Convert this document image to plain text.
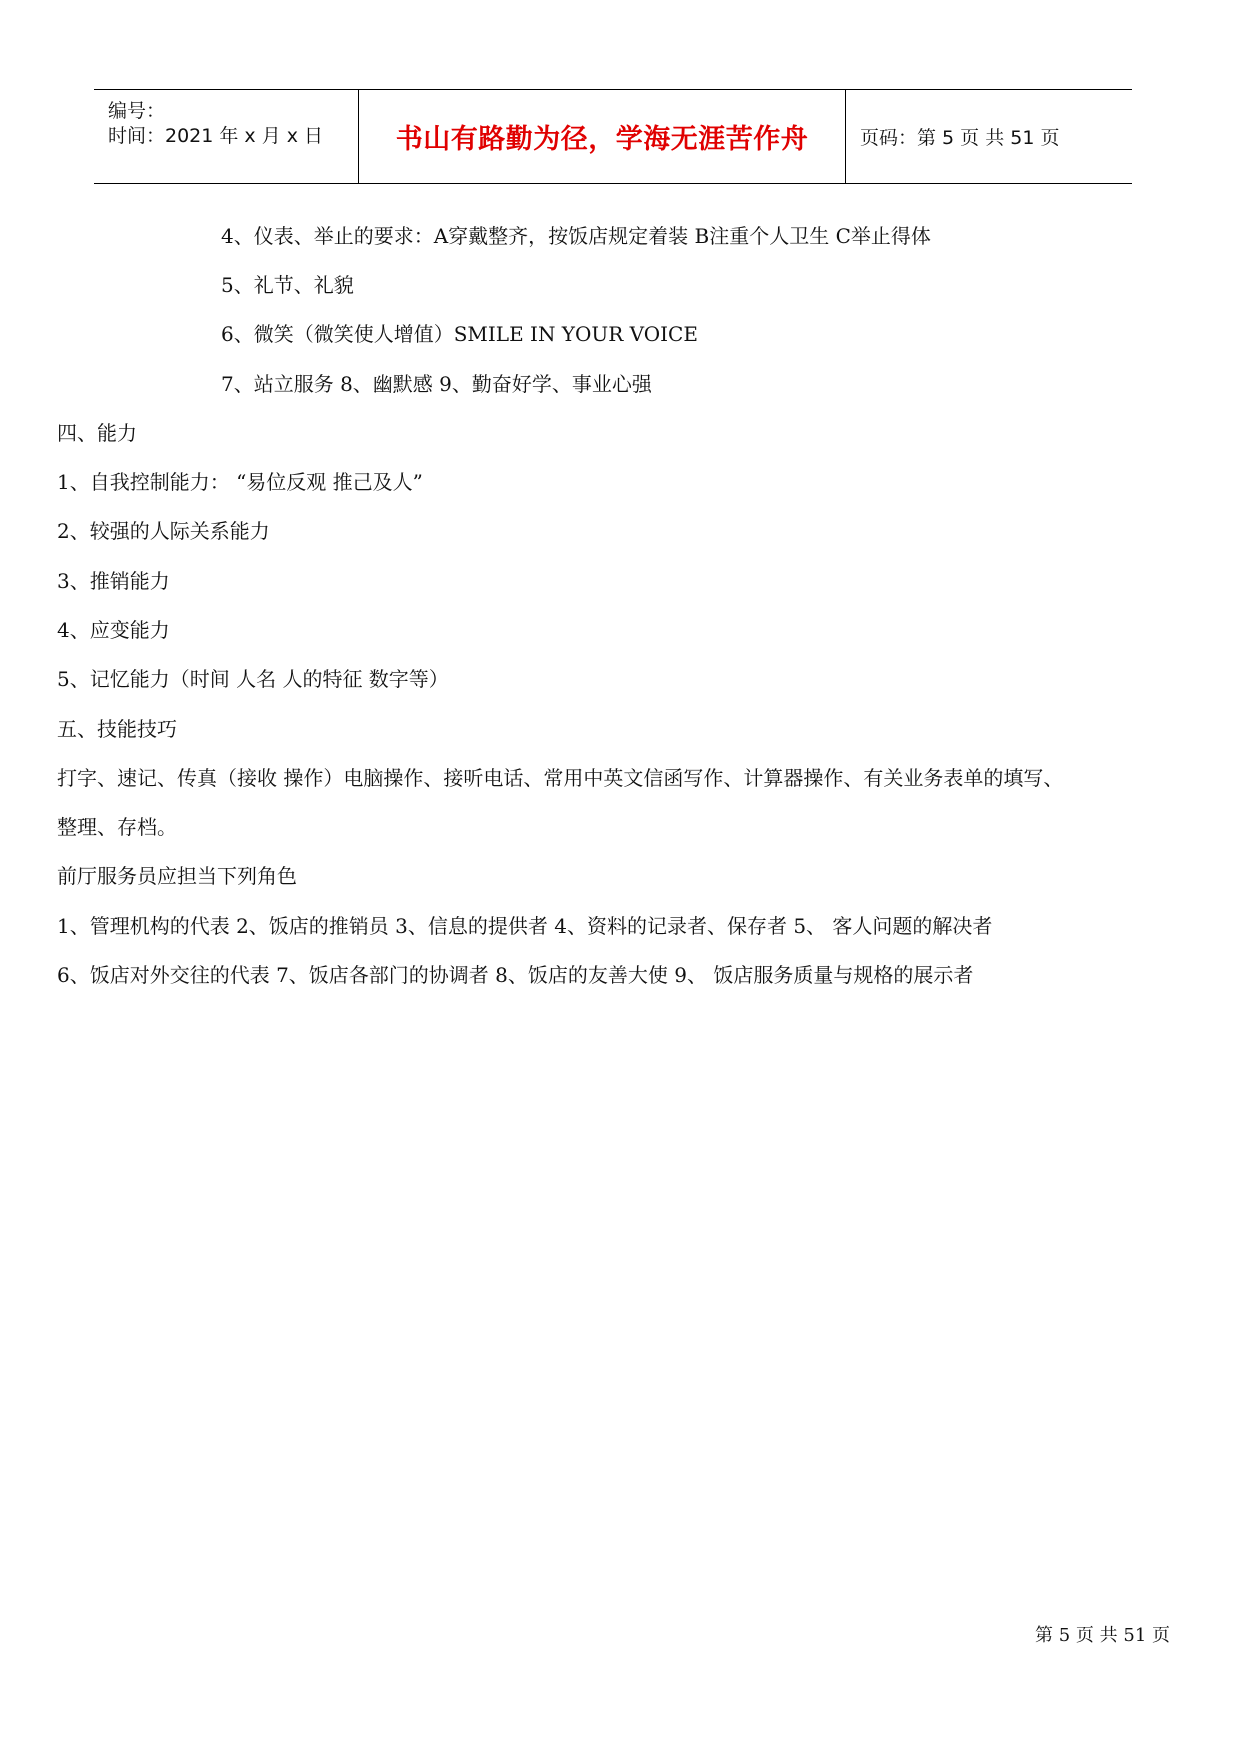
编号：
时间：2021 年 x 月 x 日	书山有路勤为径，学海无涯苦作舟	页码：第 5 页 共 51 页
4、仪表、举止的要求：A穿戴整齐，按饭店规定着装 B注重个人卫生 C举止得体
5、礼节、礼貌
6、微笑（微笑使人增值）SMILE IN YOUR VOICE
7、站立服务 8、幽默感 9、勤奋好学、事业心强
四、能力
1、自我控制能力： “易位反观 推己及人”
2、较强的人际关系能力
3、推销能力
4、应变能力
5、记忆能力（时间 人名 人的特征 数字等）
五、技能技巧
打字、速记、传真（接收 操作）电脑操作、接听电话、常用中英文信函写作、计算器操作、有关业务表单的填写、
整理、存档。
前厅服务员应担当下列角色
1、管理机构的代表 2、饭店的推销员 3、信息的提供者 4、资料的记录者、保存者 5、 客人问题的解决者
6、饭店对外交往的代表 7、饭店各部门的协调者 8、饭店的友善大使 9、 饭店服务质量与规格的展示者
第 5 页 共 51 页
